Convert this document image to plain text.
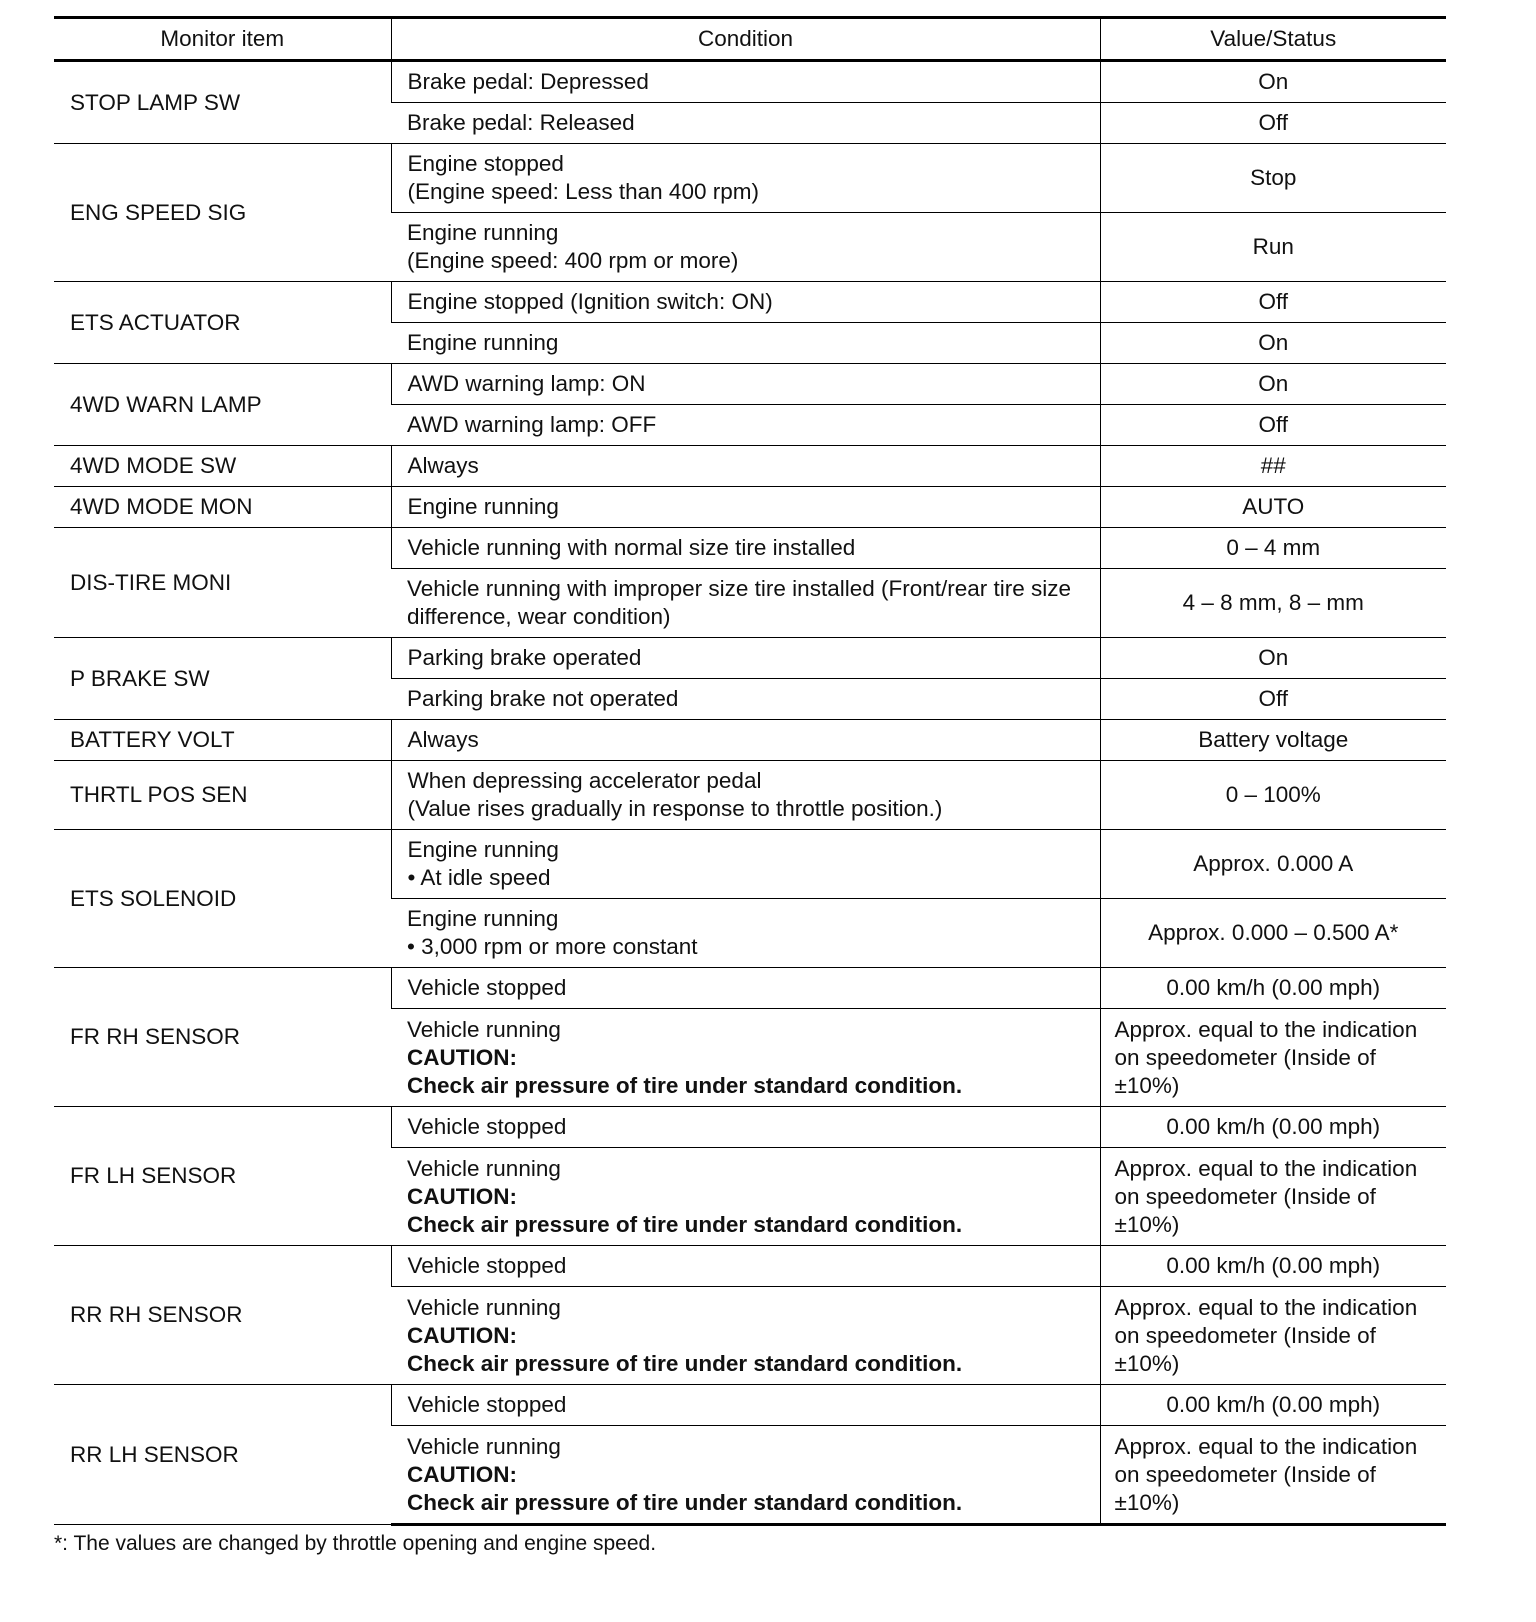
Monitor item	Condition	Value/Status
STOP LAMP SW	Brake pedal: Depressed	On

	Brake pedal: Released	Off

ENG SPEED SIG	Engine stopped
(Engine speed: Less than 400 rpm)	Stop

	Engine running
(Engine speed: 400 rpm or more)	Run

ETS ACTUATOR	Engine stopped (Ignition switch: ON)	Off

	Engine running	On

4WD WARN LAMP	AWD warning lamp: ON	On

	AWD warning lamp: OFF	Off

4WD MODE SW	Always	##

4WD MODE MON	Engine running	AUTO

DIS-TIRE MONI	Vehicle running with normal size tire installed	0 – 4 mm

	Vehicle running with improper size tire installed (Front/rear tire size
difference, wear condition)	4 – 8 mm, 8 – mm

P BRAKE SW	Parking brake operated	On

	Parking brake not operated	Off

BATTERY VOLT	Always	Battery voltage

THRTL POS SEN	When depressing accelerator pedal
(Value rises gradually in response to throttle position.)	0 – 100%

ETS SOLENOID	Engine running
• At idle speed	Approx. 0.000 A

	Engine running
• 3,000 rpm or more constant	Approx. 0.000 – 0.500 A*

FR RH SENSOR	Vehicle stopped	0.00 km/h (0.00 mph)

	Vehicle running
CAUTION:
Check air pressure of tire under standard condition.	Approx. equal to the indication
on speedometer (Inside of
±10%)

FR LH SENSOR	Vehicle stopped	0.00 km/h (0.00 mph)

	Vehicle running
CAUTION:
Check air pressure of tire under standard condition.	Approx. equal to the indication
on speedometer (Inside of
±10%)

RR RH SENSOR	Vehicle stopped	0.00 km/h (0.00 mph)

	Vehicle running
CAUTION:
Check air pressure of tire under standard condition.	Approx. equal to the indication
on speedometer (Inside of
±10%)

RR LH SENSOR	Vehicle stopped	0.00 km/h (0.00 mph)

	Vehicle running
CAUTION:
Check air pressure of tire under standard condition.	Approx. equal to the indication
on speedometer (Inside of
±10%)
*: The values are changed by throttle opening and engine speed.
